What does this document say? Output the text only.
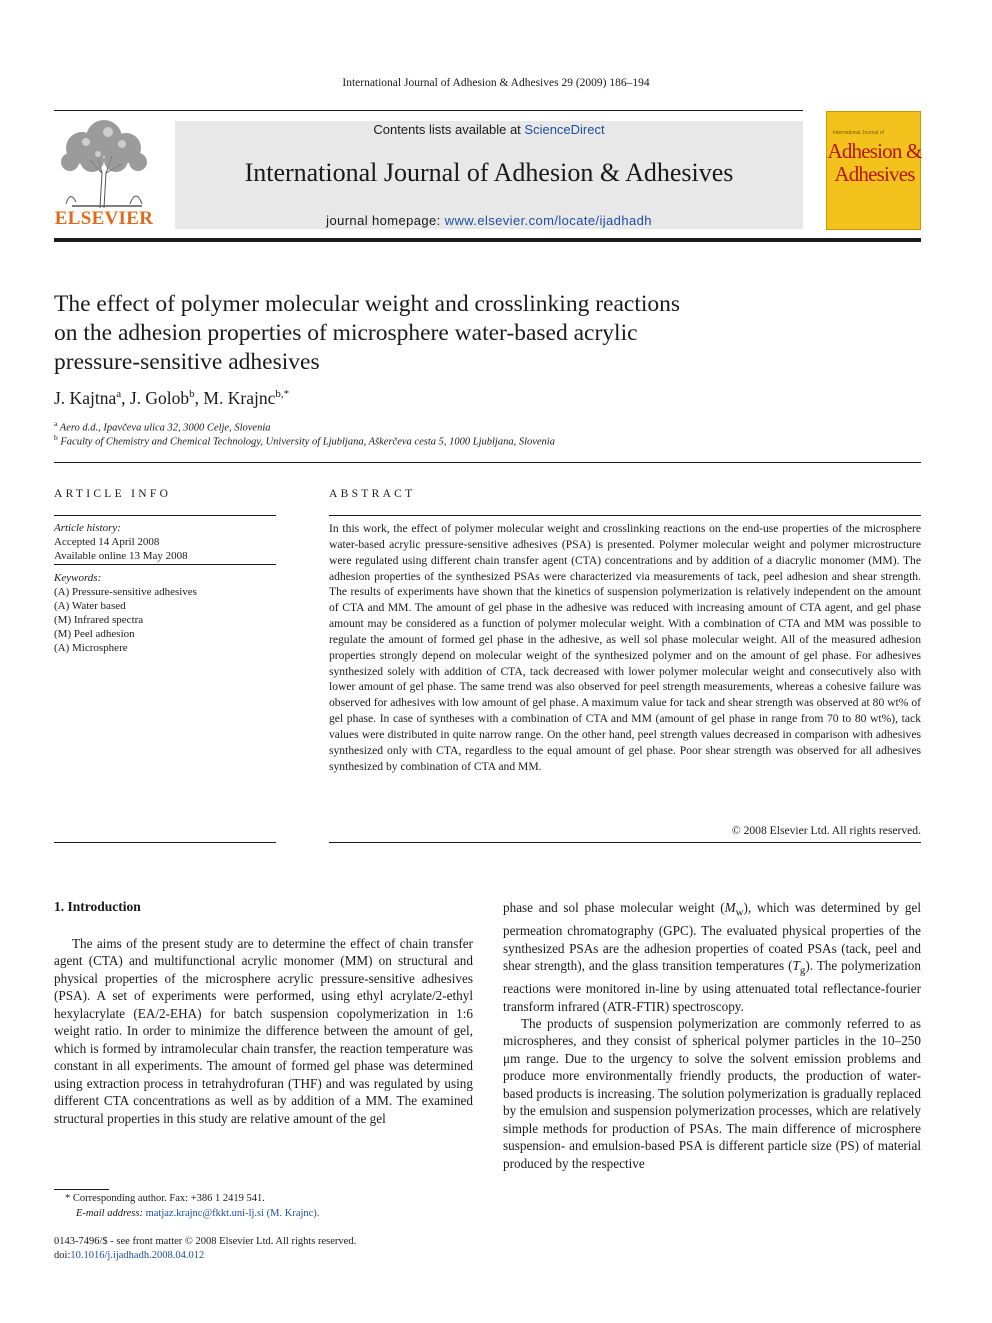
International Journal of Adhesion & Adhesives 29 (2009) 186–194
ELSEVIER
Contents lists available at ScienceDirect
International Journal of Adhesion & Adhesives
journal homepage: www.elsevier.com/locate/ijadhadh
International Journal of
Adhesion &
Adhesives
The effect of polymer molecular weight and crosslinking reactions
on the adhesion properties of microsphere water-based acrylic
pressure-sensitive adhesives
J. Kajtna$^a$, J. Golob$^b$, M. Krajnc$^{b,*}$
$^a$ Aero d.d., Ipavčeva ulica 32, 3000 Celje, Slovenia
$^b$ Faculty of Chemistry and Chemical Technology, University of Ljubljana, Aškerčeva cesta 5, 1000 Ljubljana, Slovenia
ARTICLE INFO
Article history:
Accepted 14 April 2008
Available online 13 May 2008
Keywords:
(A) Pressure-sensitive adhesives
(A) Water based
(M) Infrared spectra
(M) Peel adhesion
(A) Microsphere
ABSTRACT
In this work, the effect of polymer molecular weight and crosslinking reactions on the end-use properties of the microsphere water-based acrylic pressure-sensitive adhesives (PSA) is presented. Polymer molecular weight and polymer microstructure were regulated using different chain transfer agent (CTA) concentrations and by addition of a diacrylic monomer (MM). The adhesion properties of the synthesized PSAs were characterized via measurements of tack, peel adhesion and shear strength. The results of experiments have shown that the kinetics of suspension polymerization is relatively independent on the amount of CTA and MM. The amount of gel phase in the adhesive was reduced with increasing amount of CTA agent, and gel phase amount may be considered as a function of polymer molecular weight. With a combination of CTA and MM was possible to regulate the amount of formed gel phase in the adhesive, as well sol phase molecular weight. All of the measured adhesion properties strongly depend on molecular weight of the synthesized polymer and on the amount of gel phase. For adhesives synthesized solely with addition of CTA, tack decreased with lower polymer molecular weight and consecutively also with lower amount of gel phase. The same trend was also observed for peel strength measurements, whereas a cohesive failure was observed for adhesives with low amount of gel phase. A maximum value for tack and shear strength was observed at 80 wt% of gel phase. In case of syntheses with a combination of CTA and MM (amount of gel phase in range from 70 to 80 wt%), tack values were distributed in quite narrow range. On the other hand, peel strength values decreased in comparison with adhesives synthesized only with CTA, regardless to the equal amount of gel phase. Poor shear strength was observed for all adhesives synthesized by combination of CTA and MM.
© 2008 Elsevier Ltd. All rights reserved.
1. Introduction

The aims of the present study are to determine the effect of chain transfer agent (CTA) and multifunctional acrylic monomer (MM) on structural and physical properties of the microsphere acrylic pressure-sensitive adhesives (PSA). A set of experiments were performed, using ethyl acrylate/2-ethyl hexylacrylate (EA/2-EHA) for batch suspension copolymerization in 1:6 weight ratio. In order to minimize the difference between the amount of gel, which is formed by intramolecular chain transfer, the reaction temperature was constant in all experiments. The amount of formed gel phase was determined using extraction process in tetrahydrofuran (THF) and was regulated by using different CTA concentrations as well as by addition of a MM. The examined structural properties in this study are relative amount of the gel

phase and sol phase molecular weight $(M_w)$, which was determined by gel permeation chromatography (GPC). The evaluated physical properties of the synthesized PSAs are the adhesion properties of coated PSAs (tack, peel and shear strength), and the glass transition temperatures $(T_g)$. The polymerization reactions were monitored in-line by using attenuated total reflectance-fourier transform infrared (ATR-FTIR) spectroscopy.

The products of suspension polymerization are commonly referred to as microspheres, and they consist of spherical polymer particles in the 10–250 μm range. Due to the urgency to solve the solvent emission problems and produce more environmentally friendly products, the production of water-based products is increasing. The solution polymerization is gradually replaced by the emulsion and suspension polymerization processes, which are relatively simple methods for production of PSAs. The main difference of microsphere suspension- and emulsion-based PSA is different particle size (PS) of material produced by the respective

* Corresponding author. Fax: +386 1 2419 541.
E-mail address: matjaz.krajnc@fkkt.uni-lj.si (M. Krajnc).
0143-7496/$ - see front matter © 2008 Elsevier Ltd. All rights reserved.
doi:10.1016/j.ijadhadh.2008.04.012
